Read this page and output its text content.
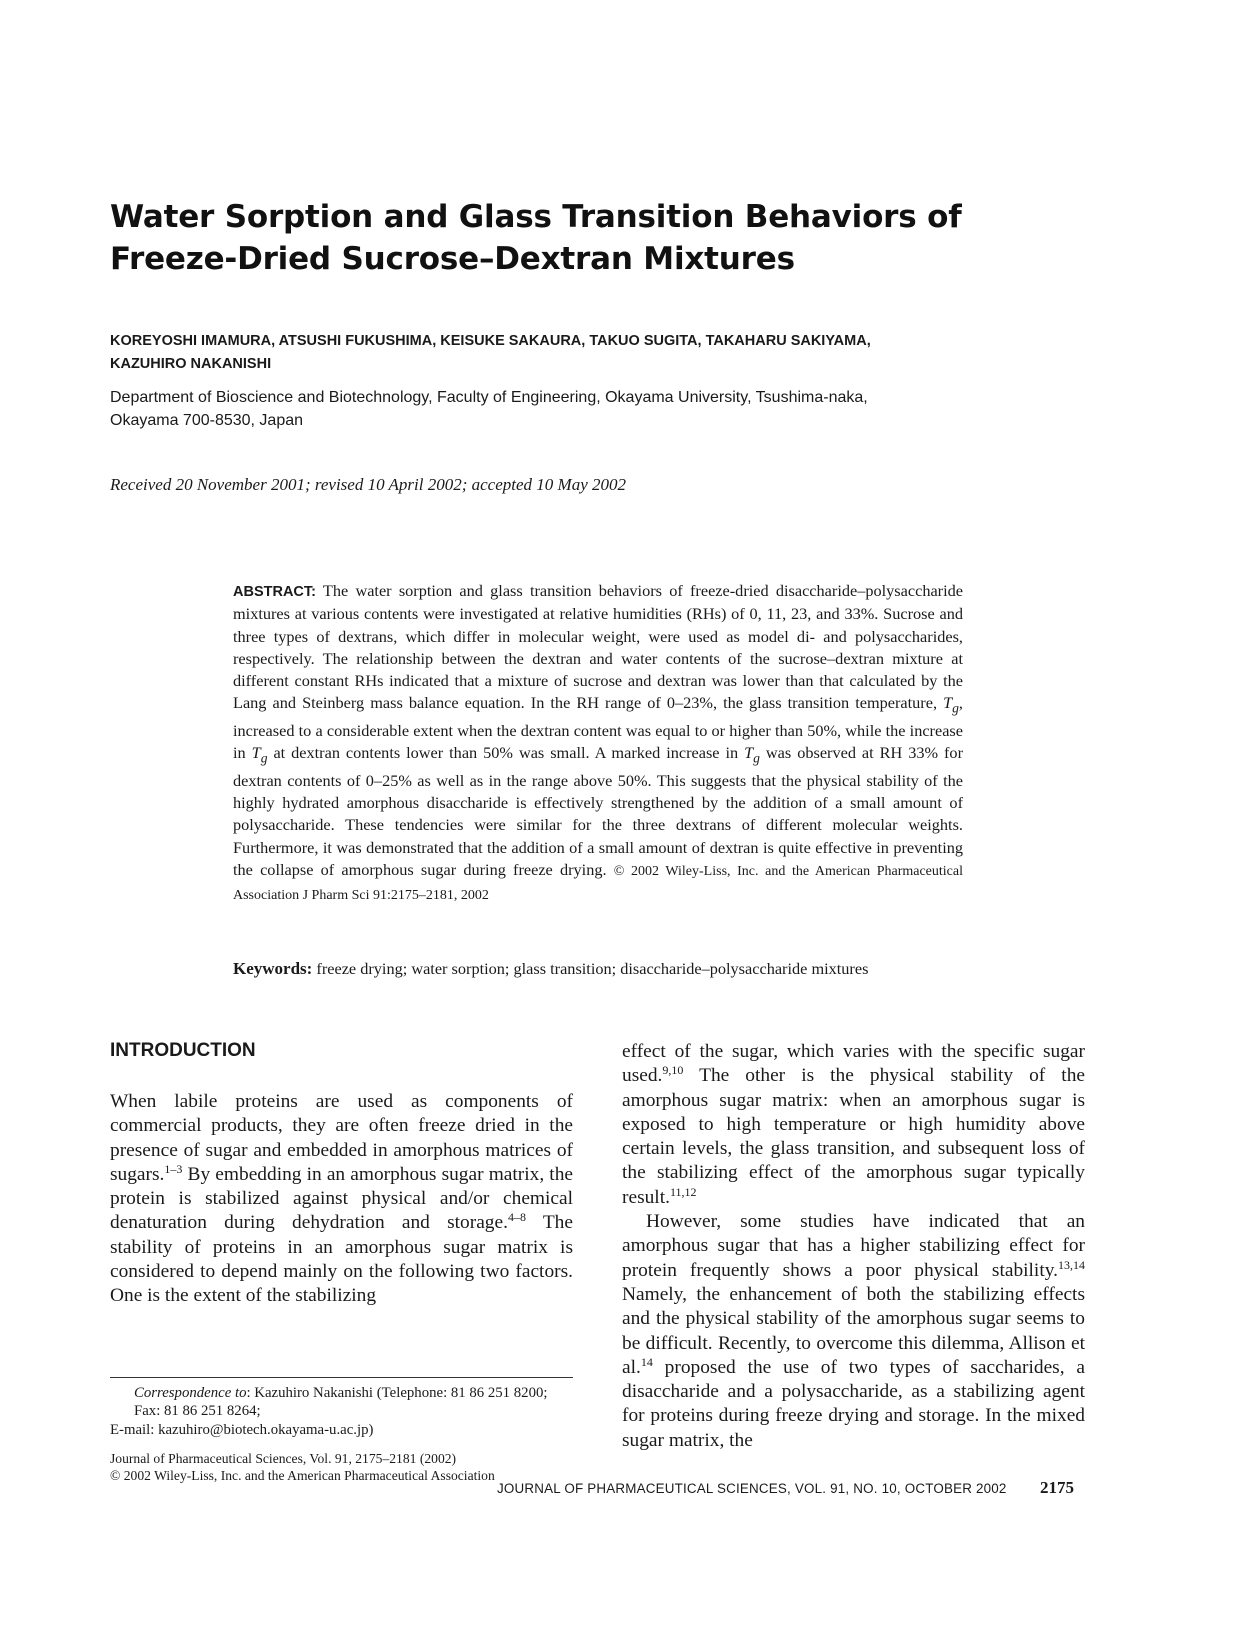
Water Sorption and Glass Transition Behaviors of
Freeze-Dried Sucrose–Dextran Mixtures
KOREYOSHI IMAMURA, ATSUSHI FUKUSHIMA, KEISUKE SAKAURA, TAKUO SUGITA, TAKAHARU SAKIYAMA,
KAZUHIRO NAKANISHI
Department of Bioscience and Biotechnology, Faculty of Engineering, Okayama University, Tsushima-naka,
Okayama 700-8530, Japan
Received 20 November 2001; revised 10 April 2002; accepted 10 May 2002
ABSTRACT: The water sorption and glass transition behaviors of freeze-dried disaccharide–polysaccharide mixtures at various contents were investigated at relative humidities (RHs) of 0, 11, 23, and 33%. Sucrose and three types of dextrans, which differ in molecular weight, were used as model di- and polysaccharides, respectively. The relationship between the dextran and water contents of the sucrose–dextran mixture at different constant RHs indicated that a mixture of sucrose and dextran was lower than that calculated by the Lang and Steinberg mass balance equation. In the RH range of 0–23%, the glass transition temperature, $T_g$, increased to a considerable extent when the dextran content was equal to or higher than 50%, while the increase in $T_g$ at dextran contents lower than 50% was small. A marked increase in $T_g$ was observed at RH 33% for dextran contents of 0–25% as well as in the range above 50%. This suggests that the physical stability of the highly hydrated amorphous disaccharide is effectively strengthened by the addition of a small amount of polysaccharide. These tendencies were similar for the three dextrans of different molecular weights. Furthermore, it was demonstrated that the addition of a small amount of dextran is quite effective in preventing the collapse of amorphous sugar during freeze drying. © 2002 Wiley-Liss, Inc. and the American Pharmaceutical Association J Pharm Sci 91:2175–2181, 2002
Keywords: freeze drying; water sorption; glass transition; disaccharide–polysaccharide mixtures
INTRODUCTION

When labile proteins are used as components of commercial products, they are often freeze dried in the presence of sugar and embedded in amorphous matrices of sugars.$^{1-3}$ By embedding in an amorphous sugar matrix, the protein is stabilized against physical and/or chemical denaturation during dehydration and storage.$^{4-8}$ The stability of proteins in an amorphous sugar matrix is considered to depend mainly on the following two factors. One is the extent of the stabilizing

effect of the sugar, which varies with the specific sugar used.$^{9,10}$ The other is the physical stability of the amorphous sugar matrix: when an amorphous sugar is exposed to high temperature or high humidity above certain levels, the glass transition, and subsequent loss of the stabilizing effect of the amorphous sugar typically result.$^{11,12}$

However, some studies have indicated that an amorphous sugar that has a higher stabilizing effect for protein frequently shows a poor physical stability.$^{13,14}$ Namely, the enhancement of both the stabilizing effects and the physical stability of the amorphous sugar seems to be difficult. Recently, to overcome this dilemma, Allison et al.$^{14}$ proposed the use of two types of saccharides, a disaccharide and a polysaccharide, as a stabilizing agent for proteins during freeze drying and storage. In the mixed sugar matrix, the

Correspondence to: Kazuhiro Nakanishi (Telephone: 81 86 251 8200; Fax: 81 86 251 8264;
E-mail: kazuhiro@biotech.okayama-u.ac.jp)
Journal of Pharmaceutical Sciences, Vol. 91, 2175–2181 (2002)
© 2002 Wiley-Liss, Inc. and the American Pharmaceutical Association
JOURNAL OF PHARMACEUTICAL SCIENCES, VOL. 91, NO. 10, OCTOBER 2002 2175
